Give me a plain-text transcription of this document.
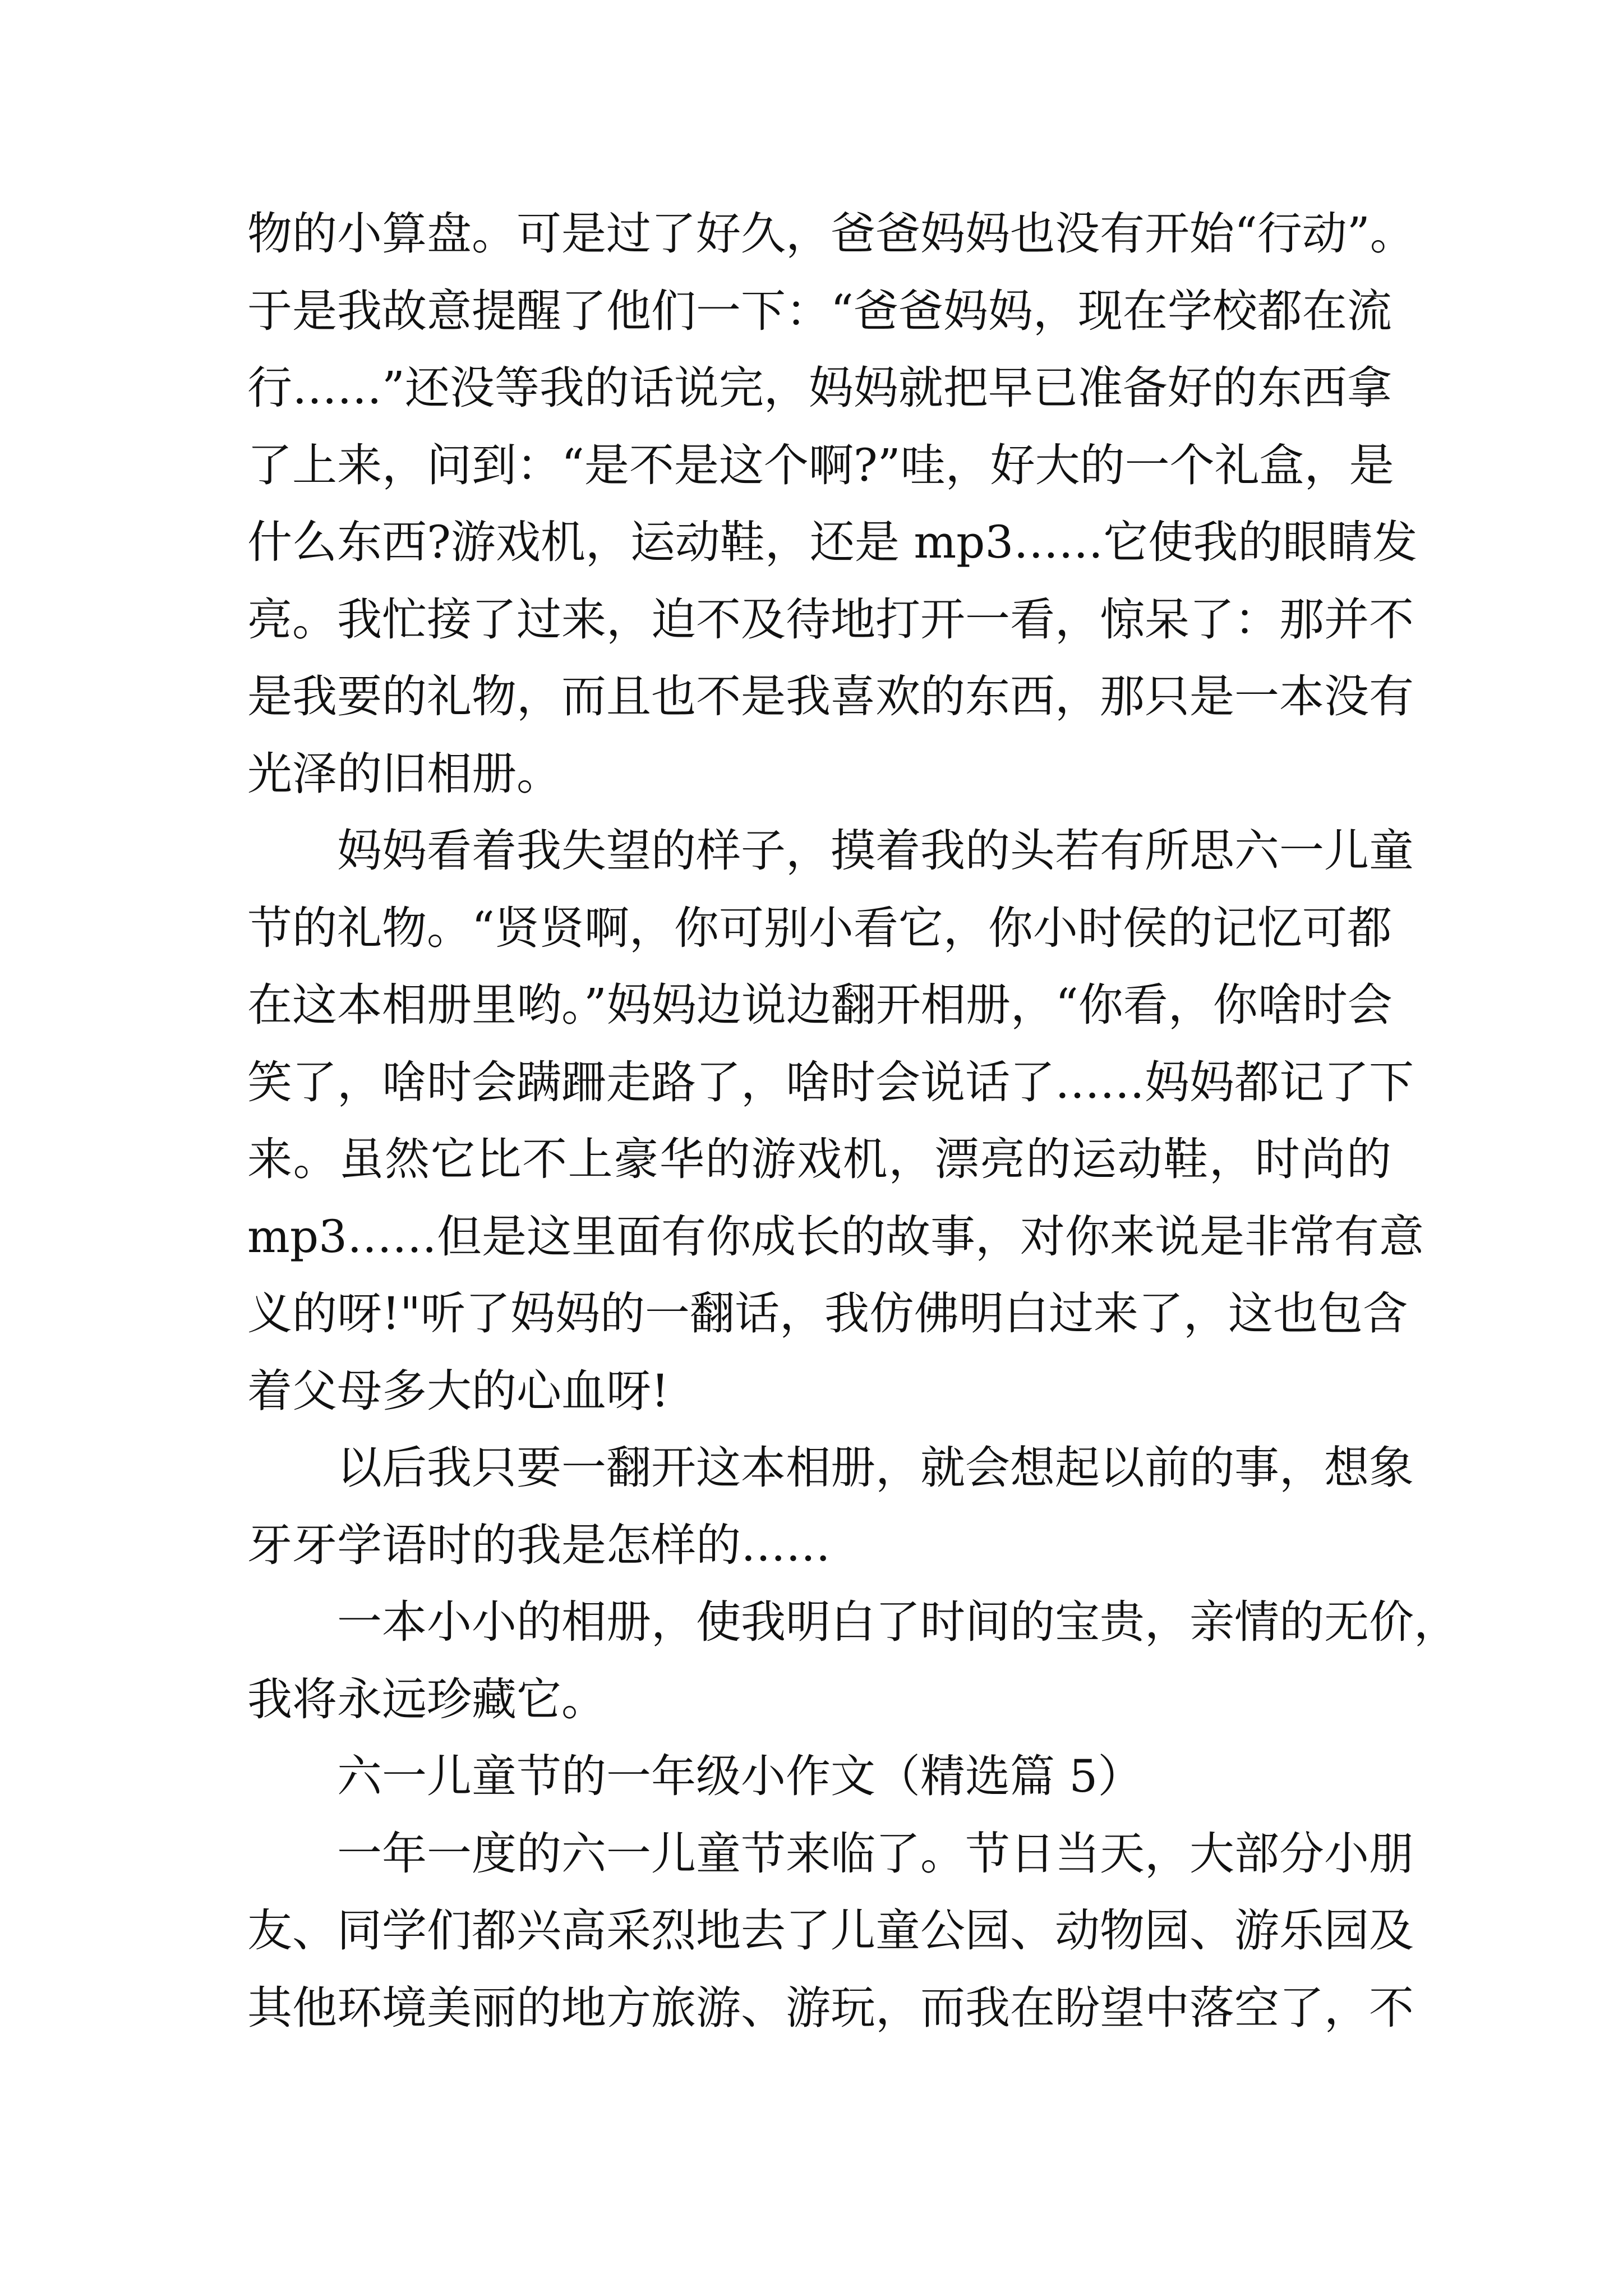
物的小算盘。可是过了好久，爸爸妈妈也没有开始“行动”。
于是我故意提醒了他们一下：“爸爸妈妈，现在学校都在流
行……”还没等我的话说完，妈妈就把早已准备好的东西拿
了上来，问到：“是不是这个啊?”哇，好大的一个礼盒，是
什么东西?游戏机，运动鞋，还是 mp3……它使我的眼睛发
亮。我忙接了过来，迫不及待地打开一看，惊呆了：那并不
是我要的礼物，而且也不是我喜欢的东西，那只是一本没有
光泽的旧相册。
　　妈妈看着我失望的样子，摸着我的头若有所思六一儿童
节的礼物。“贤贤啊，你可别小看它，你小时侯的记忆可都
在这本相册里哟。”妈妈边说边翻开相册，“你看，你啥时会
笑了，啥时会蹒跚走路了，啥时会说话了……妈妈都记了下
来。虽然它比不上豪华的游戏机，漂亮的运动鞋，时尚的
mp3……但是这里面有你成长的故事，对你来说是非常有意
义的呀!"听了妈妈的一翻话，我仿佛明白过来了，这也包含
着父母多大的心血呀!
　　以后我只要一翻开这本相册，就会想起以前的事，想象
牙牙学语时的我是怎样的……
　　一本小小的相册，使我明白了时间的宝贵，亲情的无价，
我将永远珍藏它。
　　六一儿童节的一年级小作文（精选篇 5）
　　一年一度的六一儿童节来临了。节日当天，大部分小朋
友、同学们都兴高采烈地去了儿童公园、动物园、游乐园及
其他环境美丽的地方旅游、游玩，而我在盼望中落空了，不
